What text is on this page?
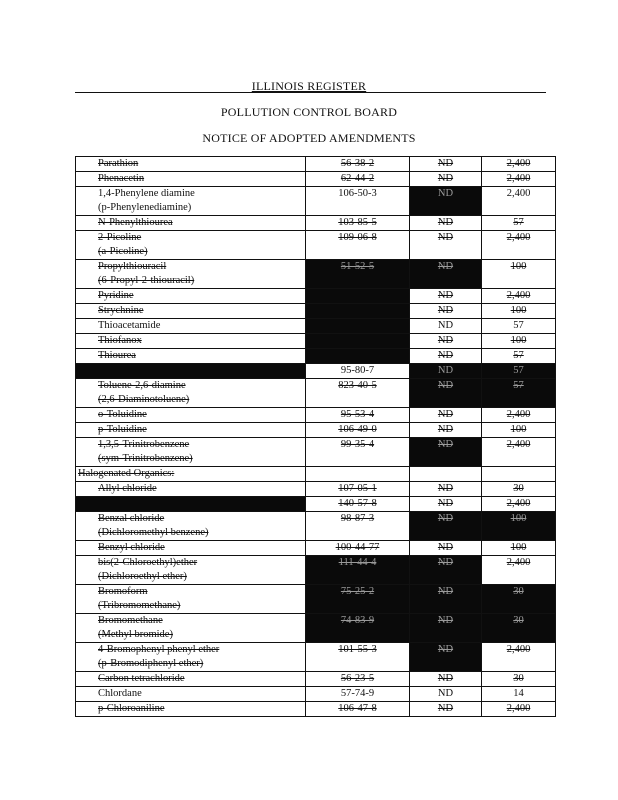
ILLINOIS REGISTER
POLLUTION CONTROL BOARD
NOTICE OF ADOPTED AMENDMENTS
Parathion	56-38-2	ND	2,400
Phenacetin	62-44-2	ND	2,400
1,4-Phenylene diamine
(p-Phenylenediamine)	106-50-3	ND	2,400
N-Phenylthiourea	103-85-5	ND	57
2-Picoline
(a-Picoline)	109-06-8	ND	2,400
Propylthiouracil
(6-Propyl-2-thiouracil)	51-52-5	ND	100
Pyridine		ND	2,400
Strychnine		ND	100
Thioacetamide		ND	57
Thiofanox		ND	100
Thiourea		ND	57
	95-80-7	ND	57
Toluene-2,6-diamine
(2,6-Diaminotoluene)	823-40-5	ND	57
o-Toluidine	95-53-4	ND	2,400
p-Toluidine	106-49-0	ND	100
1,3,5-Trinitrobenzene
(sym-Trinitrobenzene)	99-35-4	ND	2,400
Halogenated Organics:			
Allyl chloride	107-05-1	ND	30
	140-57-8	ND	2,400
Benzal chloride
(Dichloromethyl benzene)	98-87-3	ND	100
Benzyl chloride	100-44-77	ND	100
bis(2-Chloroethyl)ether
(Dichloroethyl ether)	111-44-4	ND	2,400
Bromoform
(Tribromomethane)	75-25-2	ND	30
Bromomethane
(Methyl bromide)	74-83-9	ND	30
4-Bromophenyl phenyl ether
(p-Bromodiphenyl ether)	101-55-3	ND	2,400
Carbon tetrachloride	56-23-5	ND	30
Chlordane	57-74-9	ND	14
p-Chloroaniline	106-47-8	ND	2,400
